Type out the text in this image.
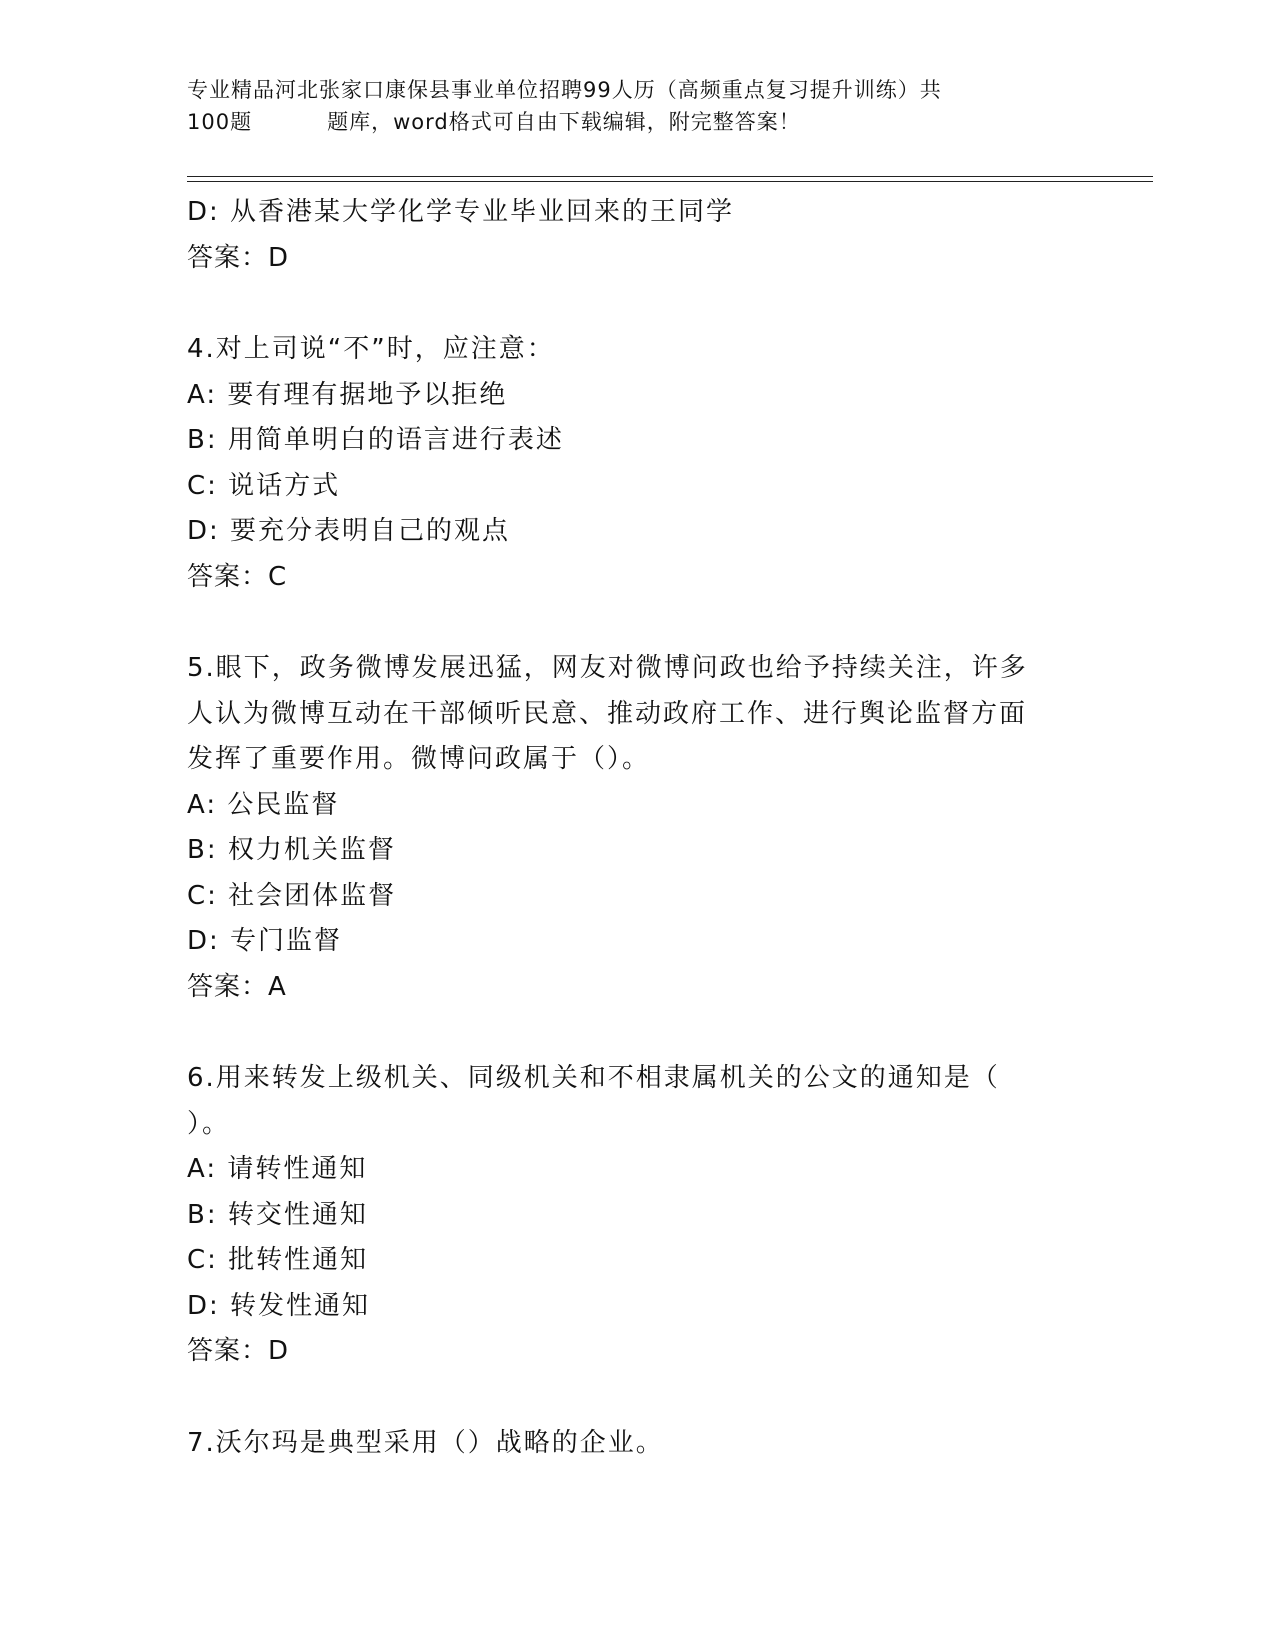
专业精品河北张家口康保县事业单位招聘99人历（高频重点复习提升训练）共
100题	题库，word格式可自由下载编辑，附完整答案！
D: 从香港某大学化学专业毕业回来的王同学
答案：D
4.对上司说“不”时，应注意：
A: 要有理有据地予以拒绝
B: 用简单明白的语言进行表述
C: 说话方式
D: 要充分表明自己的观点
答案：C
5.眼下，政务微博发展迅猛，网友对微博问政也给予持续关注，许多
人认为微博互动在干部倾听民意、推动政府工作、进行舆论监督方面
发挥了重要作用。微博问政属于（）。
A: 公民监督
B: 权力机关监督
C: 社会团体监督
D: 专门监督
答案：A
6.用来转发上级机关、同级机关和不相隶属机关的公文的通知是（
）。
A: 请转性通知
B: 转交性通知
C: 批转性通知
D: 转发性通知
答案：D
7.沃尔玛是典型采用（）战略的企业。
